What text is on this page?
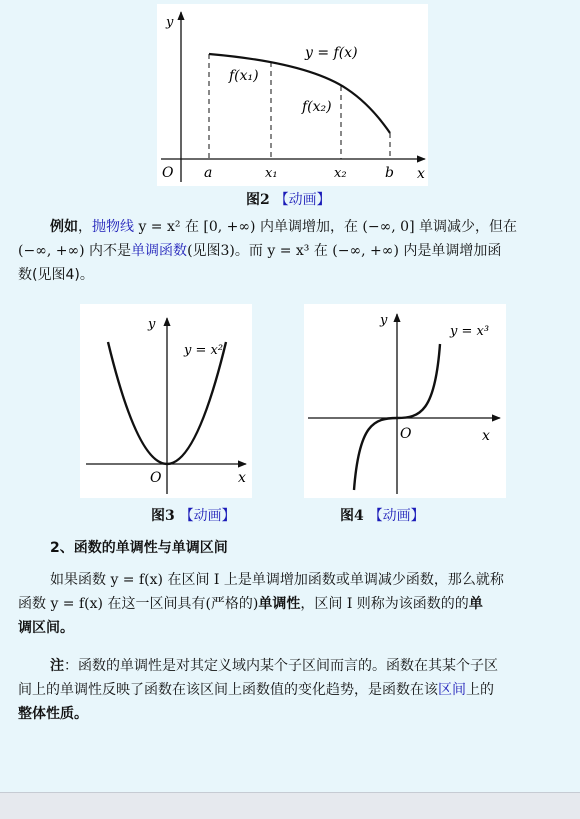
y
O	x
y = f(x)
f(x₁)
f(x₂)
a	x₁	x₂	b
图2 【动画】
例如，抛物线 y = x² 在 [0, +∞) 内单调增加，在 (−∞, 0] 单调减少，但在
(−∞, +∞) 内不是单调函数(见图3)。而 y = x³ 在 (−∞, +∞) 内是单调增加函
数(见图4)。
y
y = x²
O	x
图3 【动画】
y
y = x³
O	x
图4 【动画】
2、函数的单调性与单调区间
如果函数 y = f(x) 在区间 I 上是单调增加函数或单调减少函数，那么就称
函数 y = f(x) 在这一区间具有(严格的)单调性，区间 I 则称为该函数的的单
调区间。
注：函数的单调性是对其定义域内某个子区间而言的。函数在其某个子区
间上的单调性反映了函数在该区间上函数值的变化趋势，是函数在该区间上的
整体性质。
